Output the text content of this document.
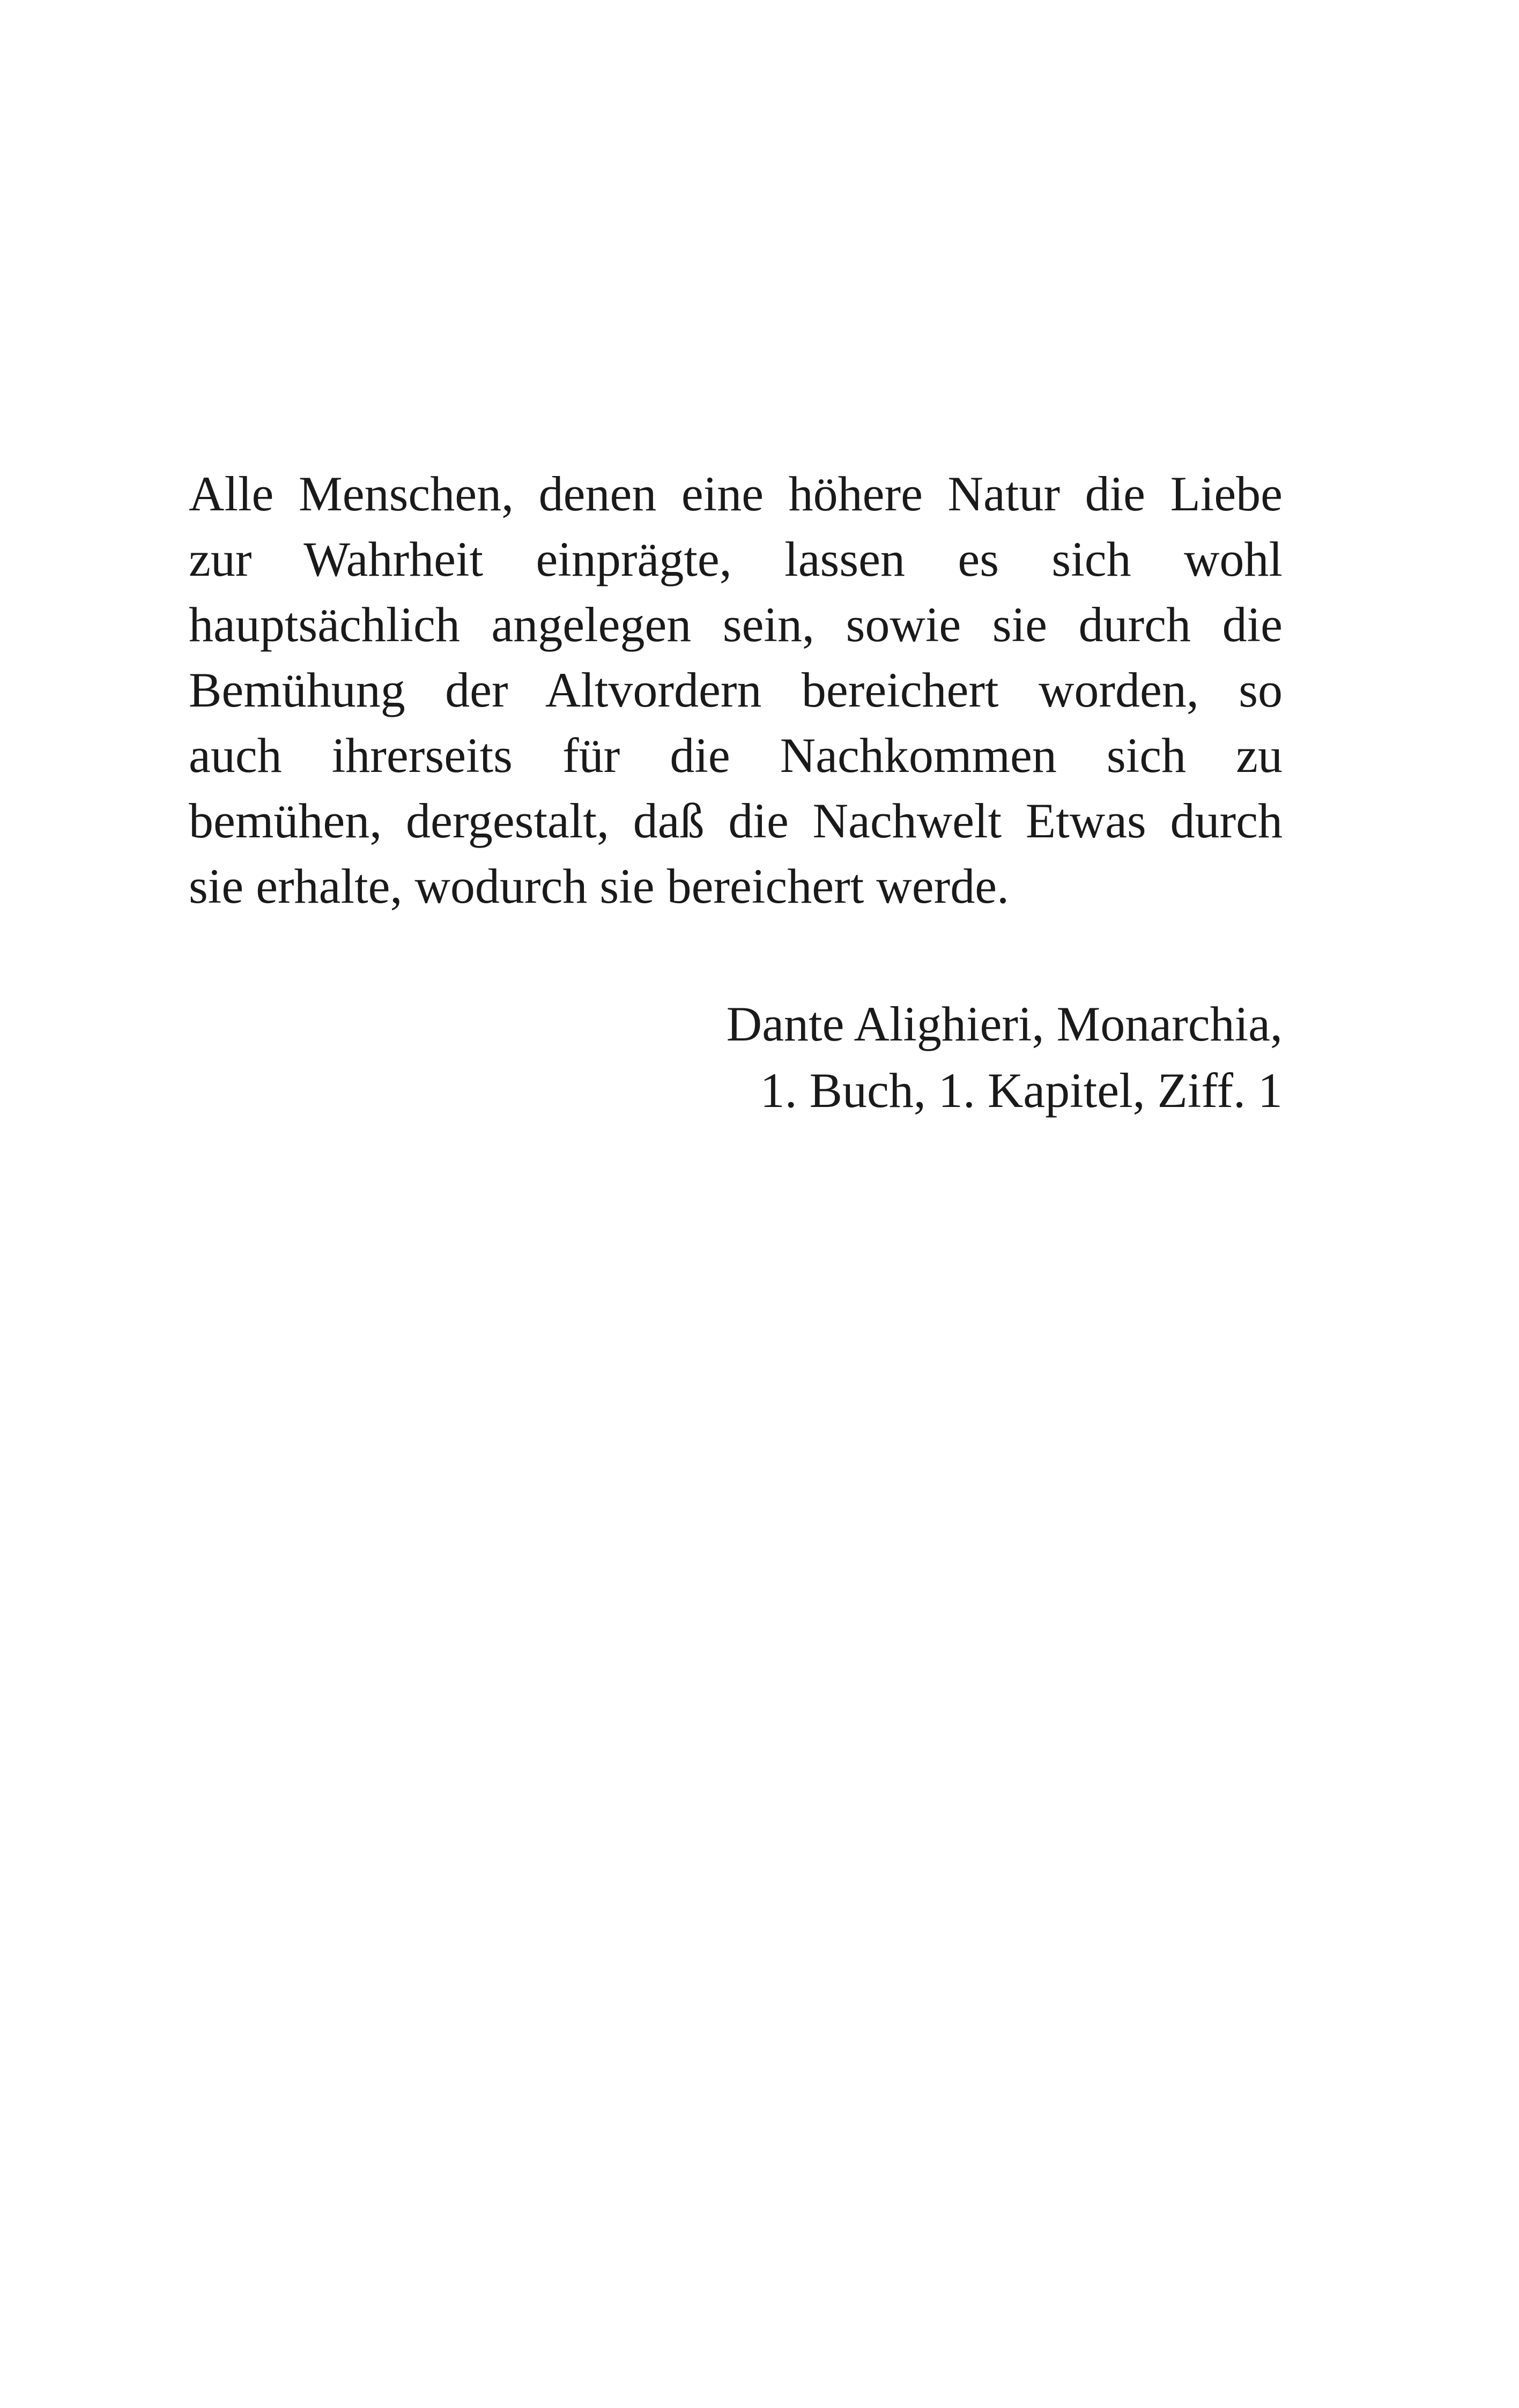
Alle Menschen, denen eine höhere Natur die Liebe
zur Wahrheit einprägte, lassen es sich wohl
hauptsächlich angelegen sein, sowie sie durch die
Bemühung der Altvordern bereichert worden, so
auch ihrerseits für die Nachkommen sich zu
bemühen, dergestalt, daß die Nachwelt Etwas durch
sie erhalte, wodurch sie bereichert werde.
Dante Alighieri, Monarchia,
1. Buch, 1. Kapitel, Ziff. 1
